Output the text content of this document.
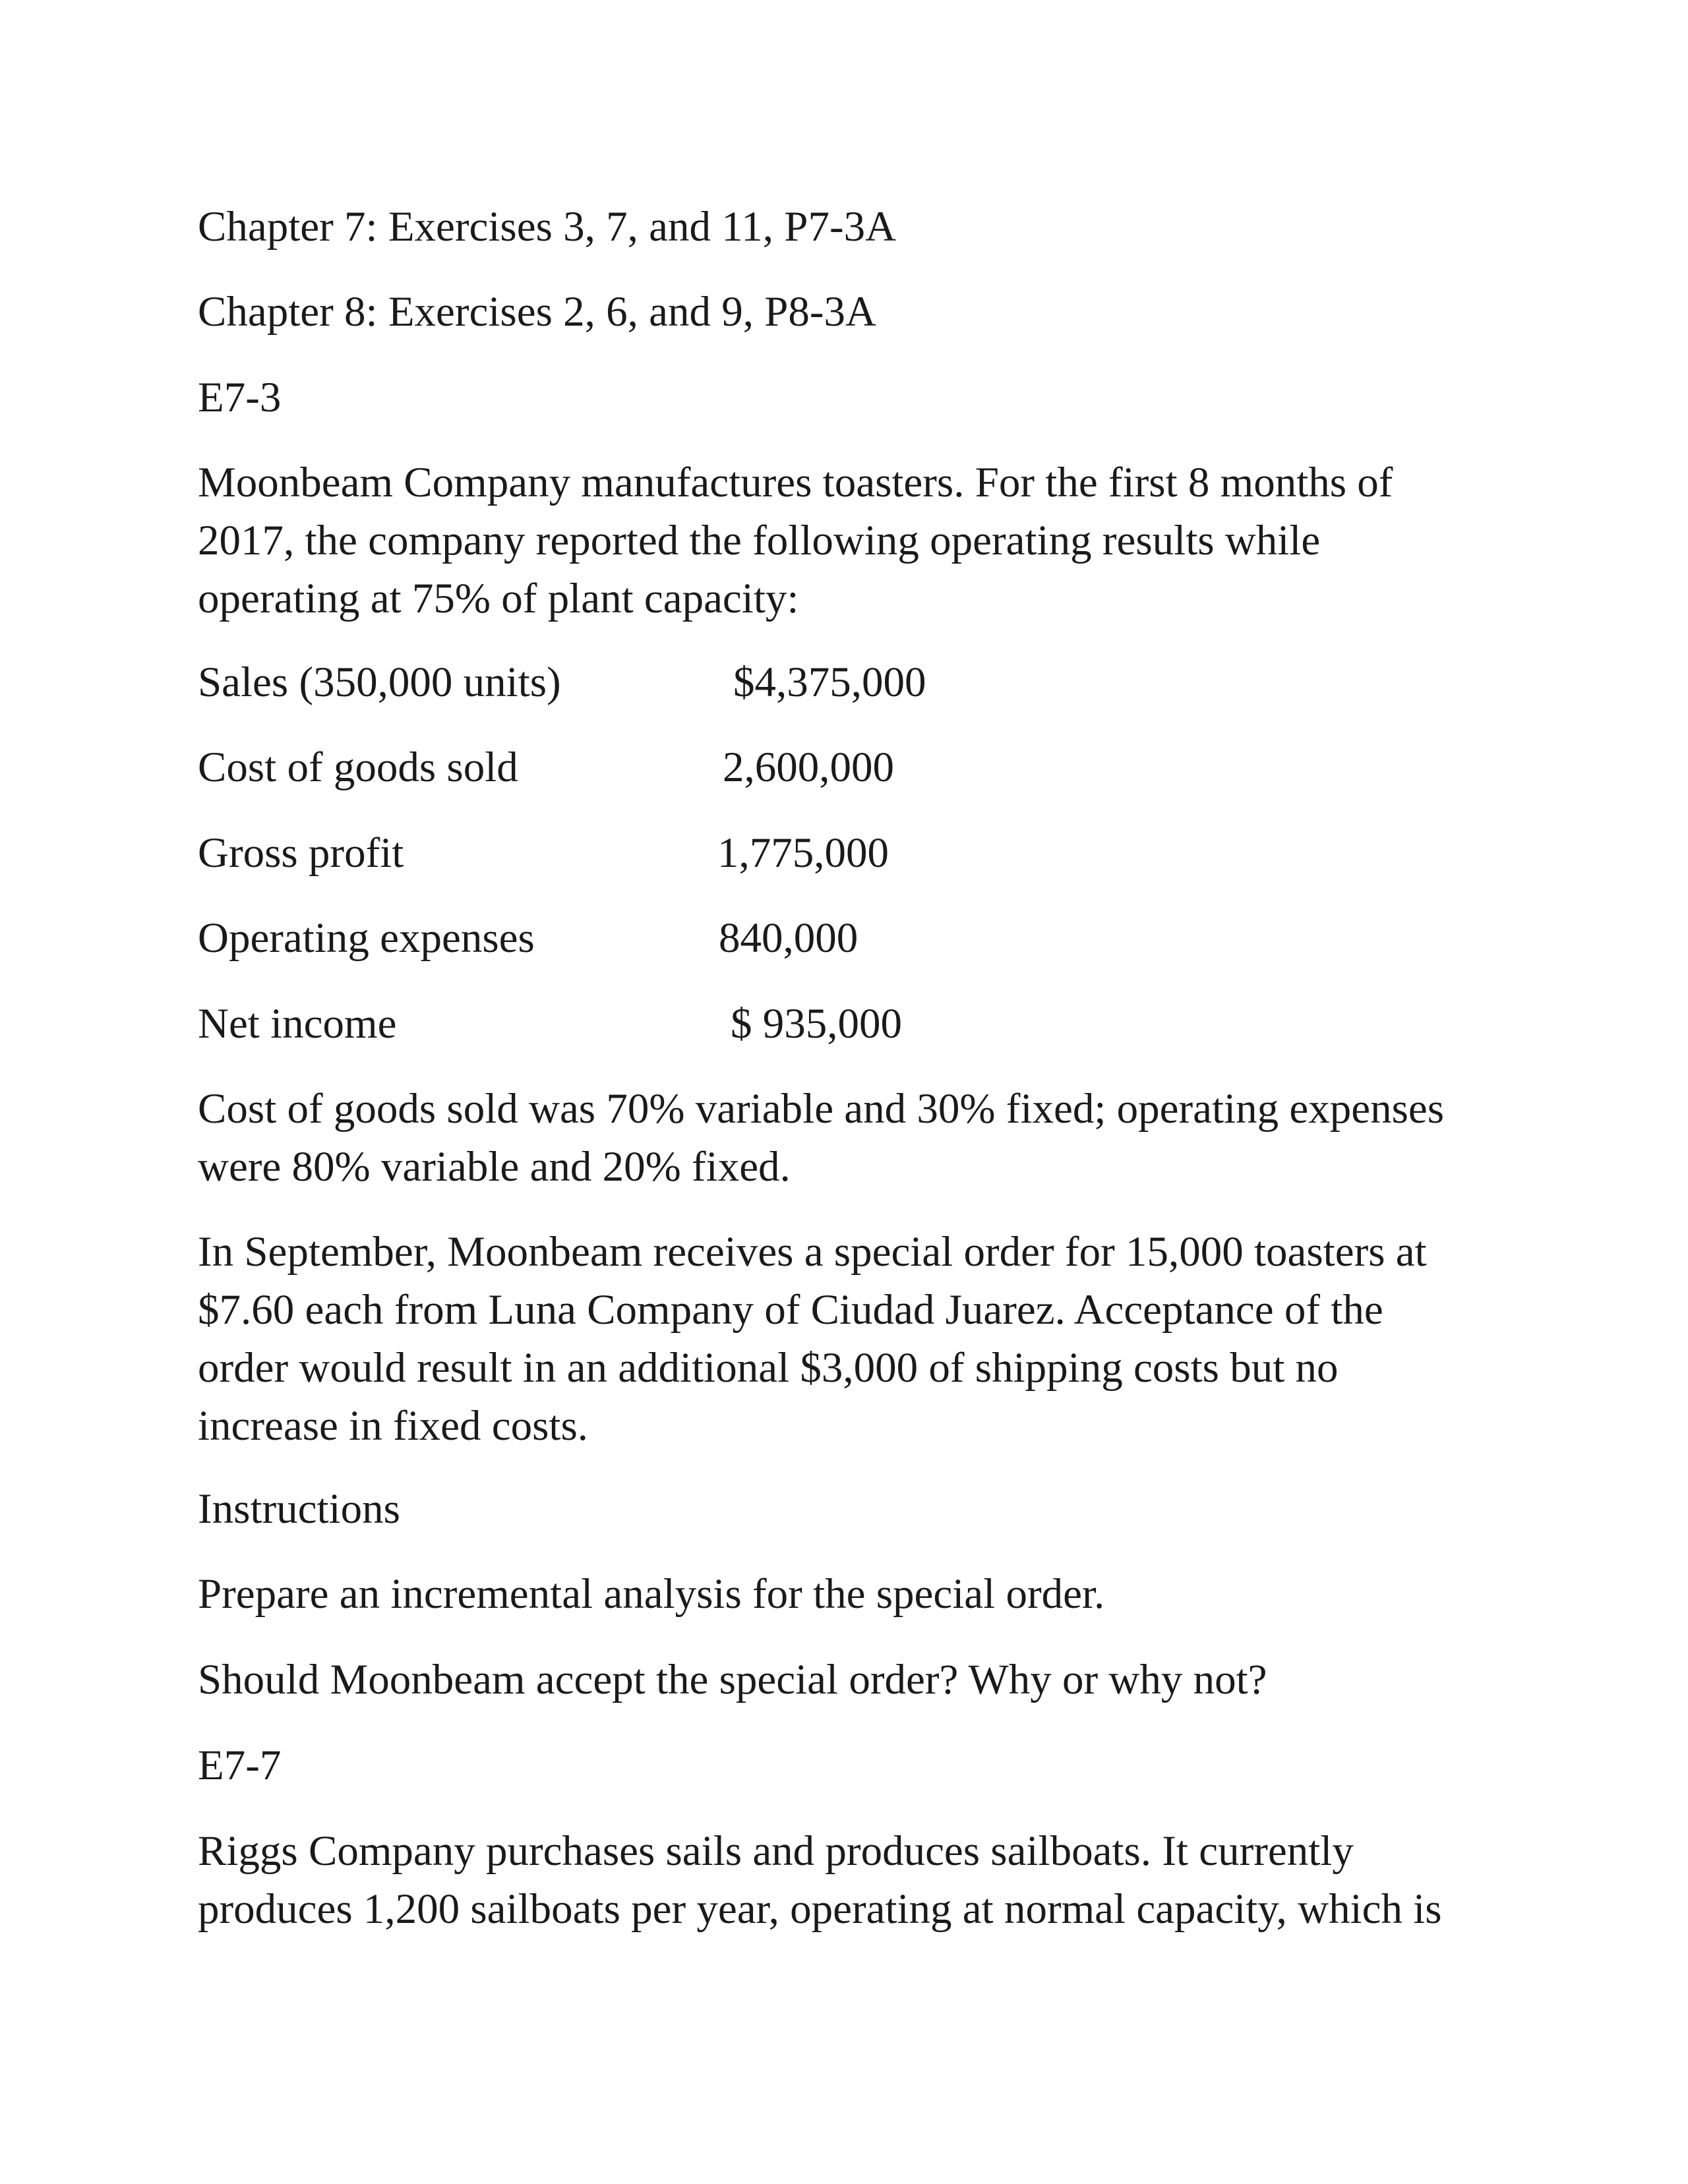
Chapter 7: Exercises 3, 7, and 11, P7-3A

Chapter 8: Exercises 2, 6, and 9, P8-3A

E7-3

Moonbeam Company manufactures toasters. For the first 8 months of
2017, the company reported the following operating results while
operating at 75% of plant capacity:
Sales (350,000 units)	$4,375,000
Cost of goods sold	2,600,000
Gross profit	1,775,000
Operating expenses	840,000
Net income	$ 935,000
Cost of goods sold was 70% variable and 30% fixed; operating expenses
were 80% variable and 20% fixed.
In September, Moonbeam receives a special order for 15,000 toasters at
$7.60 each from Luna Company of Ciudad Juarez. Acceptance of the
order would result in an additional $3,000 of shipping costs but no
increase in fixed costs.

Instructions

Prepare an incremental analysis for the special order.

Should Moonbeam accept the special order? Why or why not?

E7-7

Riggs Company purchases sails and produces sailboats. It currently
produces 1,200 sailboats per year, operating at normal capacity, which is
